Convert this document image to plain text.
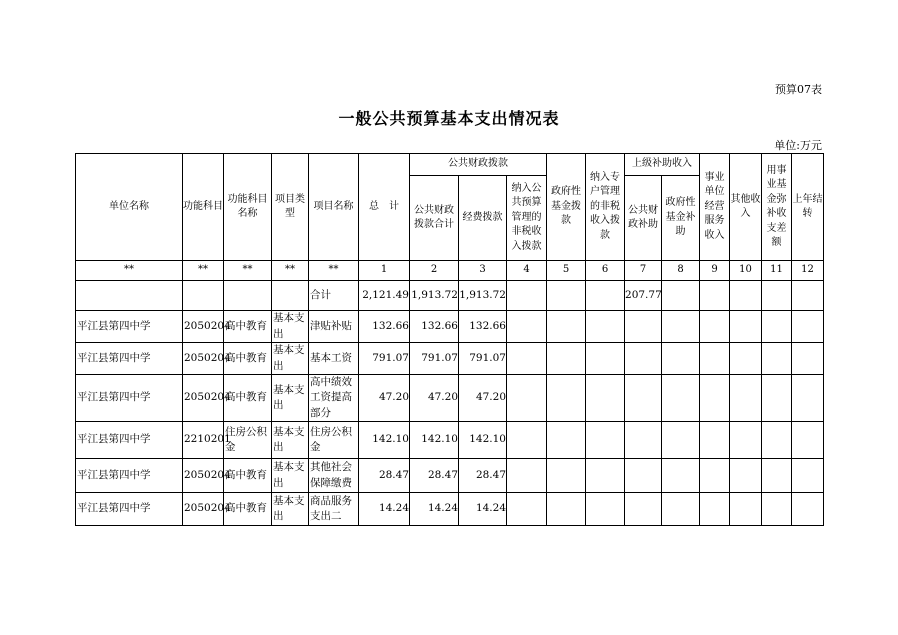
预算07表
一般公共预算基本支出情况表
单位:万元
单位名称	功能科目	功能科目名称	项目类型	项目名称	总　计	公共财政拨款			政府性基金拨款	纳入专户管理的非税收入拨款	上级补助收入		事业单位经营服务收入	其他收入	用事业基金弥补收支差额	上年结转
						公共财政拨款合计	经费拨款	纳入公共预算管理的非税收入拨款			公共财政补助	政府性基金补助				

**	**	**	**	**	1	2	3	4	5	6	7	8	9	10	11	12
				合计	2,121.49	1,913.72	1,913.72				207.77					
平江县第四中学	2050204	高中教育	基本支出	津贴补贴	132.66	132.66	132.66									
平江县第四中学	2050204	高中教育	基本支出	基本工资	791.07	791.07	791.07									
平江县第四中学	2050204	高中教育	基本支出	高中绩效工资提高部分	47.20	47.20	47.20									
平江县第四中学	2210201	住房公积金	基本支出	住房公积金	142.10	142.10	142.10									
平江县第四中学	2050204	高中教育	基本支出	其他社会保障缴费	28.47	28.47	28.47									
平江县第四中学	2050204	高中教育	基本支出	商品服务支出二	14.24	14.24	14.24									
